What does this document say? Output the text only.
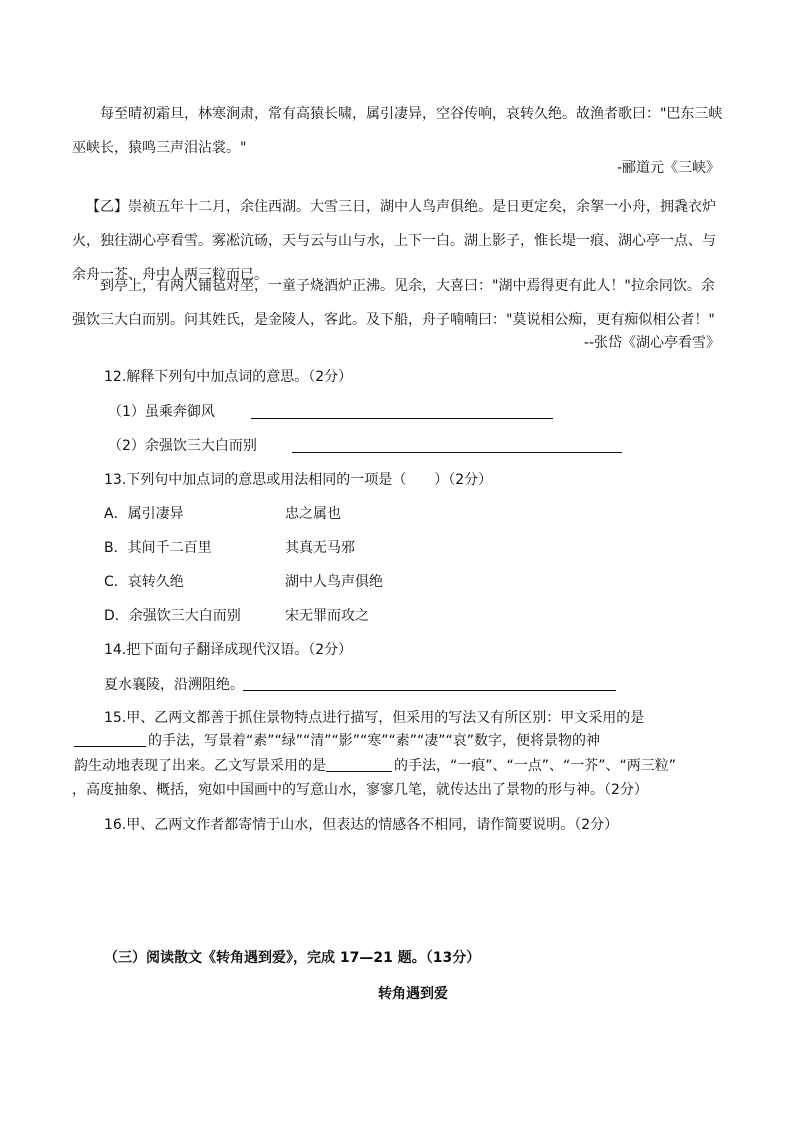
每至晴初霜旦，林寒涧肃，常有高猿长啸，属引凄异，空谷传响，哀转久绝。故渔者歌曰："巴东三峡巫峡长，猿鸣三声泪沾裳。"
-郦道元《三峡》
【乙】崇祯五年十二月，余住西湖。大雪三日，湖中人鸟声俱绝。是日更定矣，余挐一小舟，拥毳衣炉火，独往湖心亭看雪。雾凇沆砀，天与云与山与水，上下一白。湖上影子，惟长堤一痕、湖心亭一点、与余舟一芥、舟中人两三粒而已。
到亭上，有两人铺毡对坐，一童子烧酒炉正沸。见余，大喜曰："湖中焉得更有此人！"拉余同饮。余强饮三大白而别。问其姓氏，是金陵人，客此。及下船，舟子喃喃曰："莫说相公痴，更有痴似相公者！"
--张岱《湖心亭看雪》
12.解释下列句中加点词的意思。（2分）
（1）虽乘奔御风
（2）余强饮三大白而别
13.下列句中加点词的意思或用法相同的一项是（　　）（2分）
A．属引凄异	忠之属也
B．其间千二百里	其真无马邪
C．哀转久绝	湖中人鸟声俱绝
D．余强饮三大白而别	宋无罪而攻之
14.把下面句子翻译成现代汉语。（2分）
夏水襄陵，沿溯阻绝。
15.甲、乙两文都善于抓住景物特点进行描写，但采用的写法又有所区别：甲文采用的是
的手法，写景着“素”“绿”“清”“影”“寒”“素”“凄”“哀”数字，便将景物的神
韵生动地表现了出来。乙文写景采用的是	的手法，“一痕”、“一点”、“一芥”、“两三粒”
，高度抽象、概括，宛如中国画中的写意山水，寥寥几笔，就传达出了景物的形与神。（2分）
16.甲、乙两文作者都寄情于山水，但表达的情感各不相同，请作简要说明。（2分）
（三）阅读散文《转角遇到爱》，完成 17—21 题。（13分）
转角遇到爱
